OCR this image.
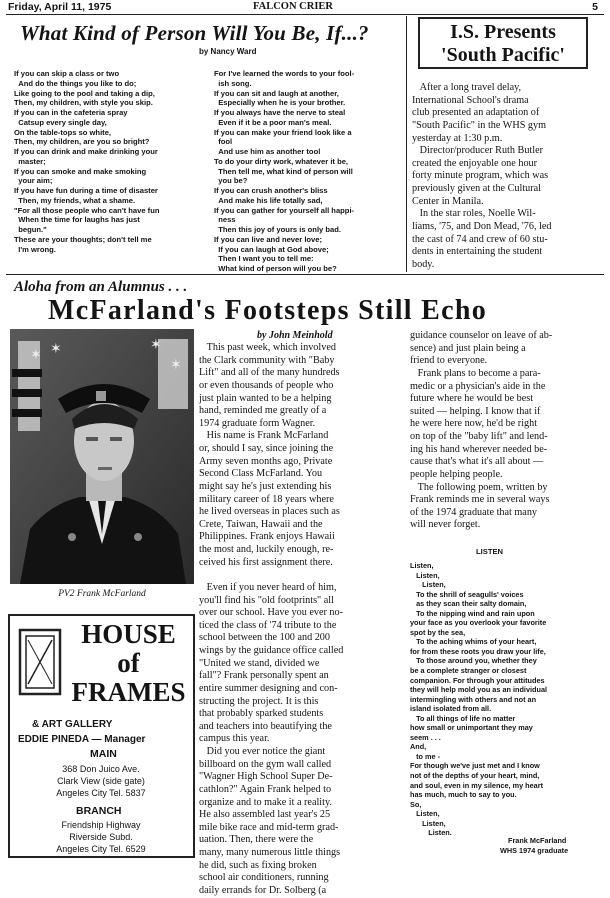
Friday, April 11, 1975	FALCON CRIER	5
What Kind of Person Will You Be, If...?
by Nancy Ward
If you can skip a class or two
And do the things you like to do;
Like going to the pool and taking a dip,
Then, my children, with style you skip.
If you can in the cafeteria spray
Catsup every single day,
On the table-tops so white,
Then, my children, are you so bright?
If you can drink and make drinking your
master;
If you can smoke and make smoking
your aim;
If you have fun during a time of disaster
Then, my friends, what a shame.
"For all those people who can't have fun
When the time for laughs has just
begun."
These are your thoughts; don't tell me
I'm wrong.
For I've learned the words to your fool-
ish song.
If you can sit and laugh at another,
Especially when he is your brother.
If you always have the nerve to steal
Even if it be a poor man's meal.
If you can make your friend look like a
fool
And use him as another tool
To do your dirty work, whatever it be,
Then tell me, what kind of person will
you be?
If you can crush another's bliss
And make his life totally sad,
If you can gather for yourself all happi-
ness
Then this joy of yours is only bad.
If you can live and never love;
If you can laugh at God above;
Then I want you to tell me:
What kind of person will you be?
I.S. Presents
'South Pacific'
After a long travel delay,
International School's drama
club presented an adaptation of
"South Pacific" in the WHS gym
yesterday at 1:30 p.m.
Director/producer Ruth Butler
created the enjoyable one hour
forty minute program, which was
previously given at the Cultural
Center in Manila.
In the star roles, Noelle Wil-
liams, '75, and Don Mead, '76, led
the cast of 74 and crew of 60 stu-
dents in entertaining the student
body.
Aloha from an Alumnus . . .
McFarland's Footsteps Still Echo
✶	✶
✶
✶
PV2 Frank McFarland
by John Meinhold
This past week, which involved
the Clark community with "Baby
Lift" and all of the many hundreds
or even thousands of people who
just plain wanted to be a helping
hand, reminded me greatly of a
1974 graduate form Wagner.
His name is Frank McFarland
or, should I say, since joining the
Army seven months ago, Private
Second Class McFarland. You
might say he's just extending his
military career of 18 years where
he lived overseas in places such as
Crete, Taiwan, Hawaii and the
Philippines. Frank enjoys Hawaii
the most and, luckily enough, re-
ceived his first assignment there.

Even if you never heard of him,
you'll find his "old footprints" all
over our school. Have you ever no-
ticed the class of '74 tribute to the
school between the 100 and 200
wings by the guidance office called
"United we stand, divided we
fall"? Frank personally spent an
entire summer designing and con-
structing the project. It is this
that probably sparked students
and teachers into beautifying the
campus this year.
Did you ever notice the giant
billboard on the gym wall called
"Wagner High School Super De-
cathlon?" Again Frank helped to
organize and to make it a reality.
He also assembled last year's 25
mile bike race and mid-term grad-
uation. Then, there were the
many, many numerous little things
he did, such as fixing broken
school air conditioners, running
daily errands for Dr. Solberg (a
guidance counselor on leave of ab-
sence) and just plain being a
friend to everyone.
Frank plans to become a para-
medic or a physician's aide in the
future where he would be best
suited — helping. I know that if
he were here now, he'd be right
on top of the "baby lift" and lend-
ing his hand wherever needed be-
cause that's what it's all about —
people helping people.
The following poem, written by
Frank reminds me in several ways
of the 1974 graduate that many
will never forget.
LISTEN
Listen,
Listen,
Listen,
To the shrill of seagulls' voices
as they scan their salty domain,
To the nipping wind and rain upon
your face as you overlook your favorite
spot by the sea,
To the aching whims of your heart,
for from these roots you draw your life,
To those around you, whether they
be a complete stranger or closest
companion. For through your attitudes
they will help mold you as an individual
intermingling with others and not an
island isolated from all.
To all things of life no matter
how small or unimportant they may
seem . . .
And,
to me -
For though we've just met and I know
not of the depths of your heart, mind,
and soul, even in my silence, my heart
has much, much to say to you.
So,
Listen,
Listen,
Listen.
Frank McFarland
WHS 1974 graduate
HOUSE
of
FRAMES
& ART GALLERY
EDDIE PINEDA — Manager
MAIN
368 Don Juico Ave.
Clark View (side gate)
Angeles City Tel. 5837
BRANCH
Friendship Highway
Riverside Subd.
Angeles City Tel. 6529
